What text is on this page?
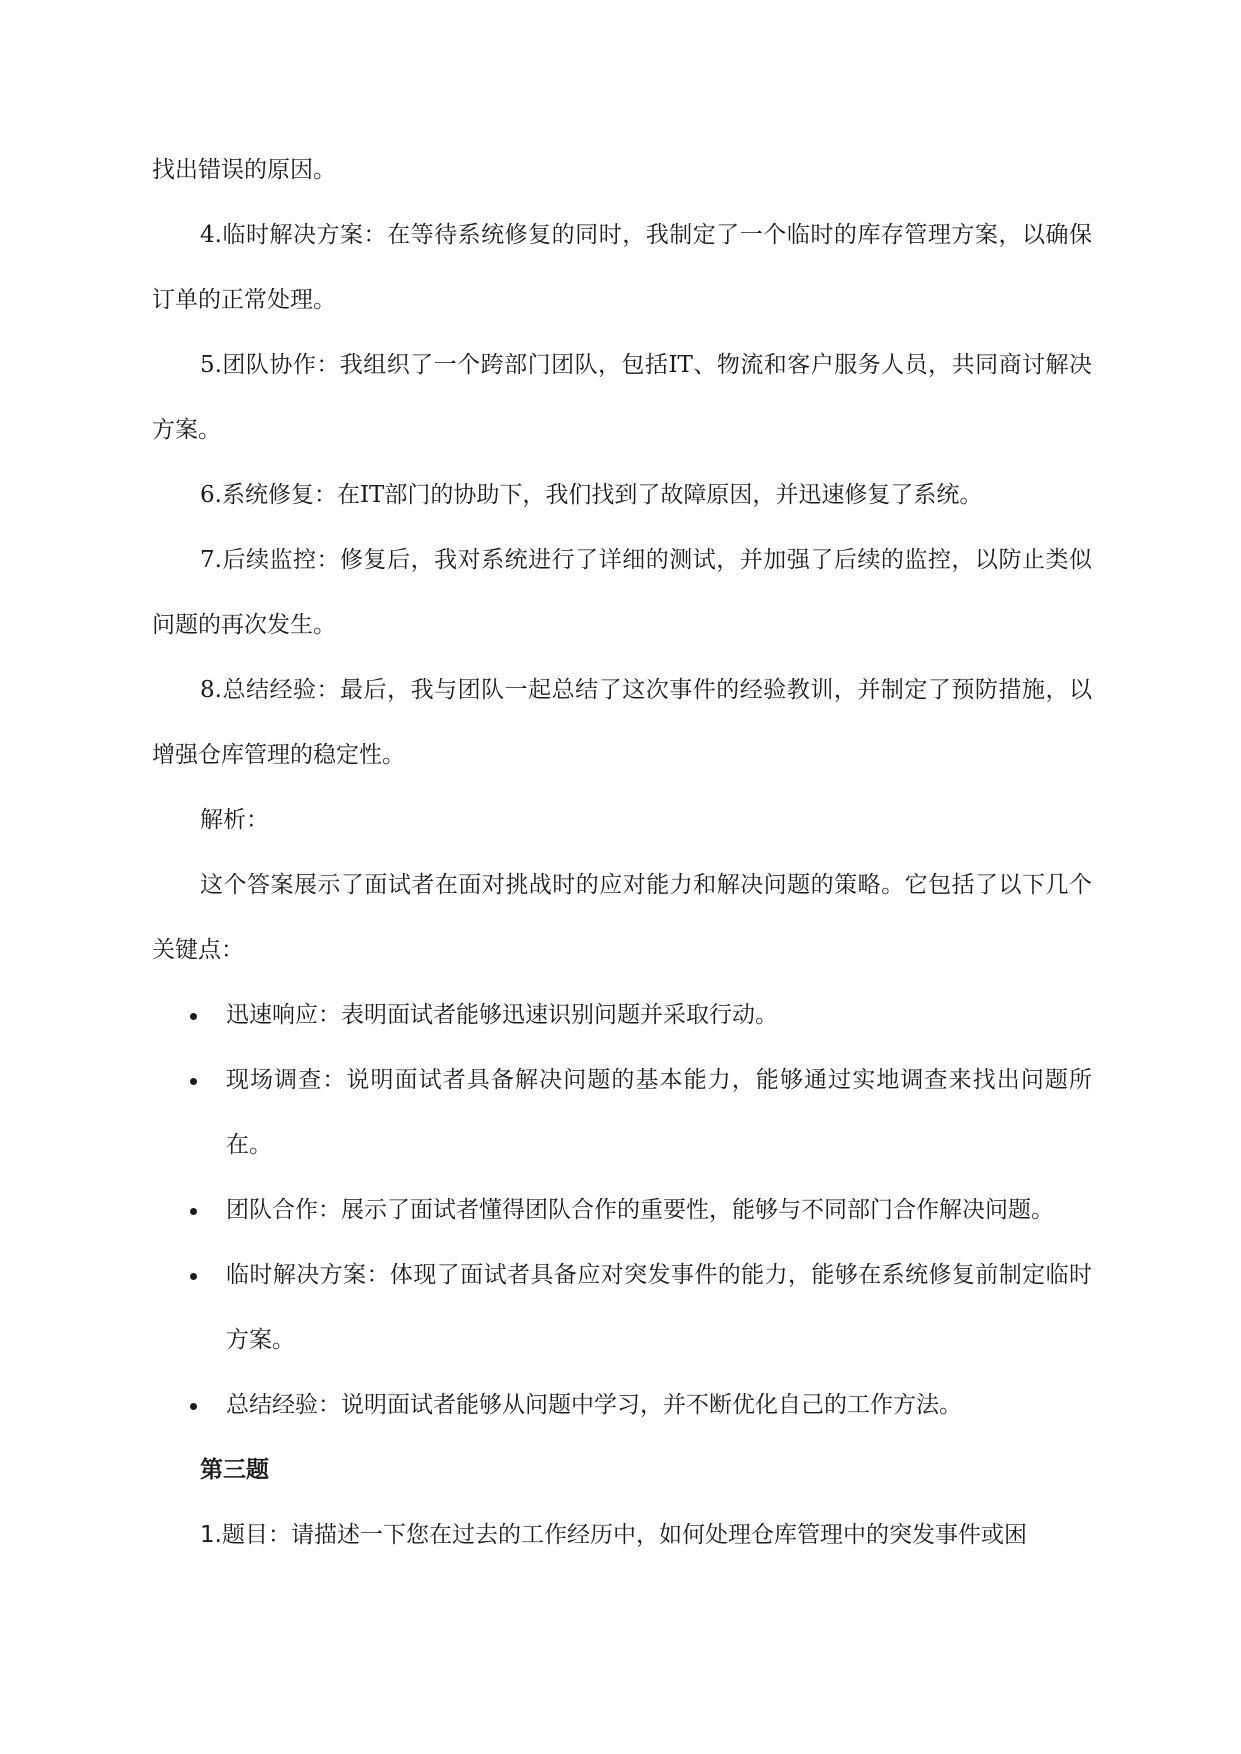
找出错误的原因。

4.临时解决方案：在等待系统修复的同时，我制定了一个临时的库存管理方案，以确保订单的正常处理。

5.团队协作：我组织了一个跨部门团队，包括IT、物流和客户服务人员，共同商讨解决方案。

6.系统修复：在IT部门的协助下，我们找到了故障原因，并迅速修复了系统。

7.后续监控：修复后，我对系统进行了详细的测试，并加强了后续的监控，以防止类似问题的再次发生。

8.总结经验：最后，我与团队一起总结了这次事件的经验教训，并制定了预防措施，以增强仓库管理的稳定性。

解析：

这个答案展示了面试者在面对挑战时的应对能力和解决问题的策略。它包括了以下几个关键点：

迅速响应：表明面试者能够迅速识别问题并采取行动。
现场调查：说明面试者具备解决问题的基本能力，能够通过实地调查来找出问题所在。
团队合作：展示了面试者懂得团队合作的重要性，能够与不同部门合作解决问题。
临时解决方案：体现了面试者具备应对突发事件的能力，能够在系统修复前制定临时方案。
总结经验：说明面试者能够从问题中学习，并不断优化自己的工作方法。

第三题

1.题目：请描述一下您在过去的工作经历中，如何处理仓库管理中的突发事件或困
